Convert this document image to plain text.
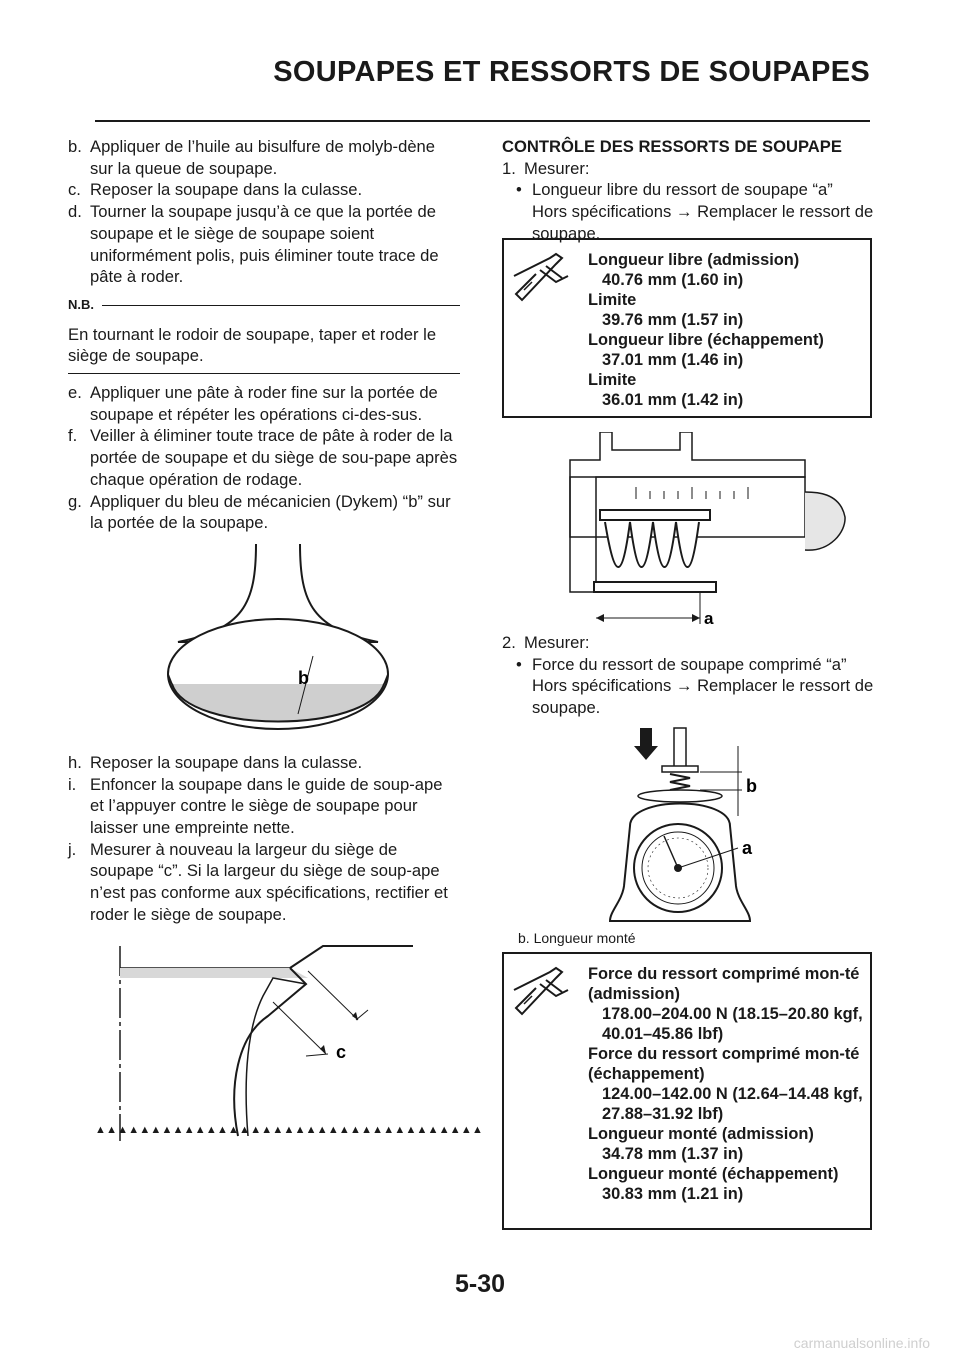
SOUPAPES ET RESSORTS DE SOUPAPES

b. Appliquer de l’huile au bisulfure de molyb-dène sur la queue de soupape.

c. Reposer la soupape dans la culasse.

d. Tourner la soupape jusqu’à ce que la portée de soupape et le siège de soupape soient uniformément polis, puis éliminer toute trace de pâte à roder.

N.B.
En tournant le rodoir de soupape, taper et roder le siège de soupape.

e. Appliquer une pâte à roder fine sur la portée de soupape et répéter les opérations ci-des-sus.

f. Veiller à éliminer toute trace de pâte à roder de la portée de soupape et du siège de sou-pape après chaque opération de rodage.

g. Appliquer du bleu de mécanicien (Dykem) “b” sur la portée de la soupape.

b

h. Reposer la soupape dans la culasse.

i. Enfoncer la soupape dans le guide de soup-ape et l’appuyer contre le siège de soupape pour laisser une empreinte nette.

j. Mesurer à nouveau la largeur du siège de soupape “c”. Si la largeur du siège de soup-ape n’est pas conforme aux spécifications, rectifier et roder le siège de soupape.

c
▲▲▲▲▲▲▲▲▲▲▲▲▲▲▲▲▲▲▲▲▲▲▲▲▲▲▲▲▲▲▲▲▲▲▲

CONTRÔLE DES RESSORTS DE SOUPAPE

1. Mesurer:

• Longueur libre du ressort de soupape “a”
Hors spécifications → Remplacer le ressort de soupape.
Longueur libre (admission)
40.76 mm (1.60 in)
Limite
39.76 mm (1.57 in)
Longueur libre (échappement)
37.01 mm (1.46 in)
Limite
36.01 mm (1.42 in)
a

2. Mesurer:

• Force du ressort de soupape comprimé “a”
Hors spécifications → Remplacer le ressort de soupape.
b
a
b. Longueur monté
Force du ressort comprimé mon-té (admission)
178.00–204.00 N (18.15–20.80 kgf, 40.01–45.86 lbf)
Force du ressort comprimé mon-té
(échappement)
124.00–142.00 N (12.64–14.48 kgf, 27.88–31.92 lbf)
Longueur monté (admission)
34.78 mm (1.37 in)
Longueur monté (échappement)
30.83 mm (1.21 in)
5-30
carmanualsonline.info
